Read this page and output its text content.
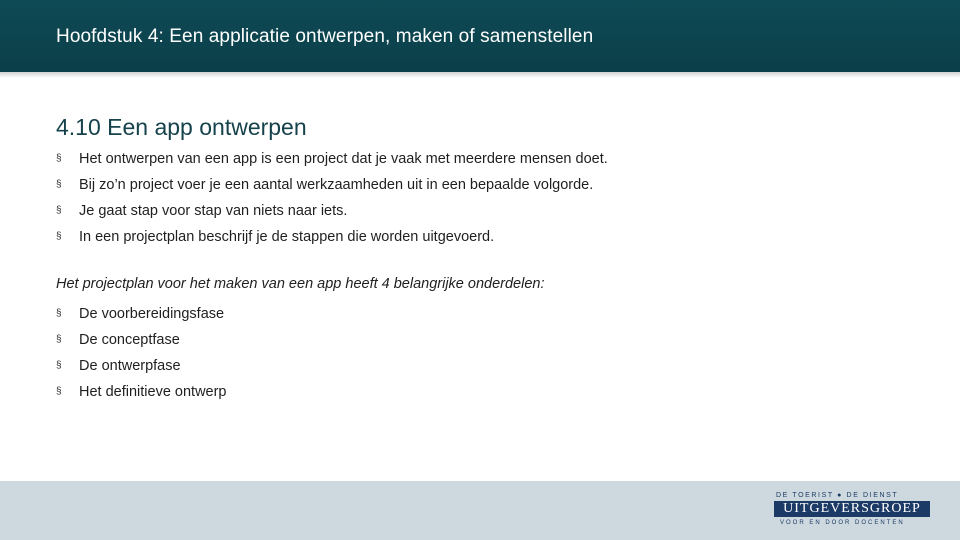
Hoofdstuk 4: Een applicatie ontwerpen, maken of samenstellen
4.10 Een app ontwerpen
§	Het ontwerpen van een app is een project dat je vaak met meerdere mensen doet.
§	Bij zo’n project voer je een aantal werkzaamheden uit in een bepaalde volgorde.
§	Je gaat stap voor stap van niets naar iets.
§	In een projectplan beschrijf je de stappen die worden uitgevoerd.
Het projectplan voor het maken van een app heeft 4 belangrijke onderdelen:
§	De voorbereidingsfase
§	De conceptfase
§	De ontwerpfase
§	Het definitieve ontwerp
DE TOERIST ● DE DIENST
UITGEVERSGROEP
VOOR EN DOOR DOCENTEN
